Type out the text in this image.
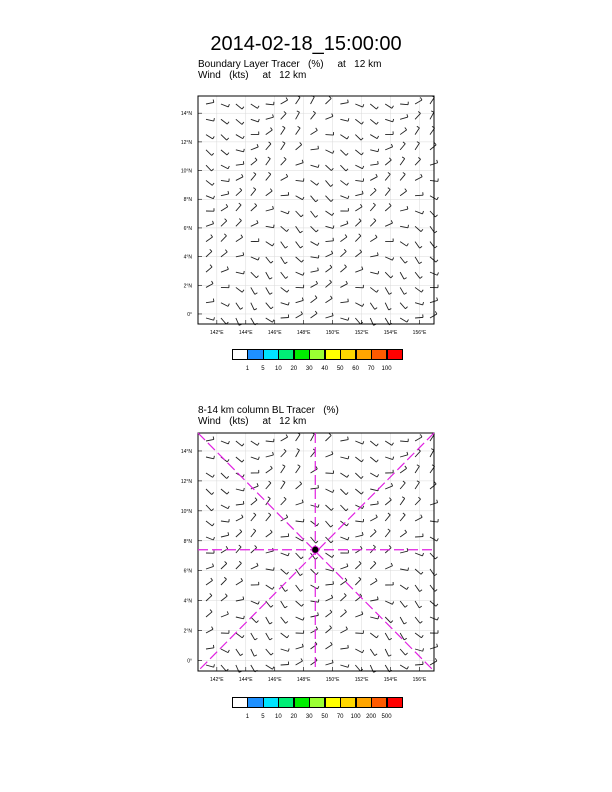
2014-02-18_15:00:00
Boundary Layer Tracer   (%)     at   12 km
Wind   (kts)     at   12 km
8-14 km column BL Tracer   (%)
Wind   (kts)     at   12 km
142°E	144°E	146°E	148°E	150°E	152°E	154°E	156°E
0°
2°N
4°N
6°N
8°N
10°N
12°N
14°N
1	5	10	20	30	40	50	60	70	100
142°E	144°E	146°E	148°E	150°E	152°E	154°E	156°E
0°
2°N
4°N
6°N
8°N
10°N
12°N
14°N
1	5	10	20	30	50	70	100 200 500
